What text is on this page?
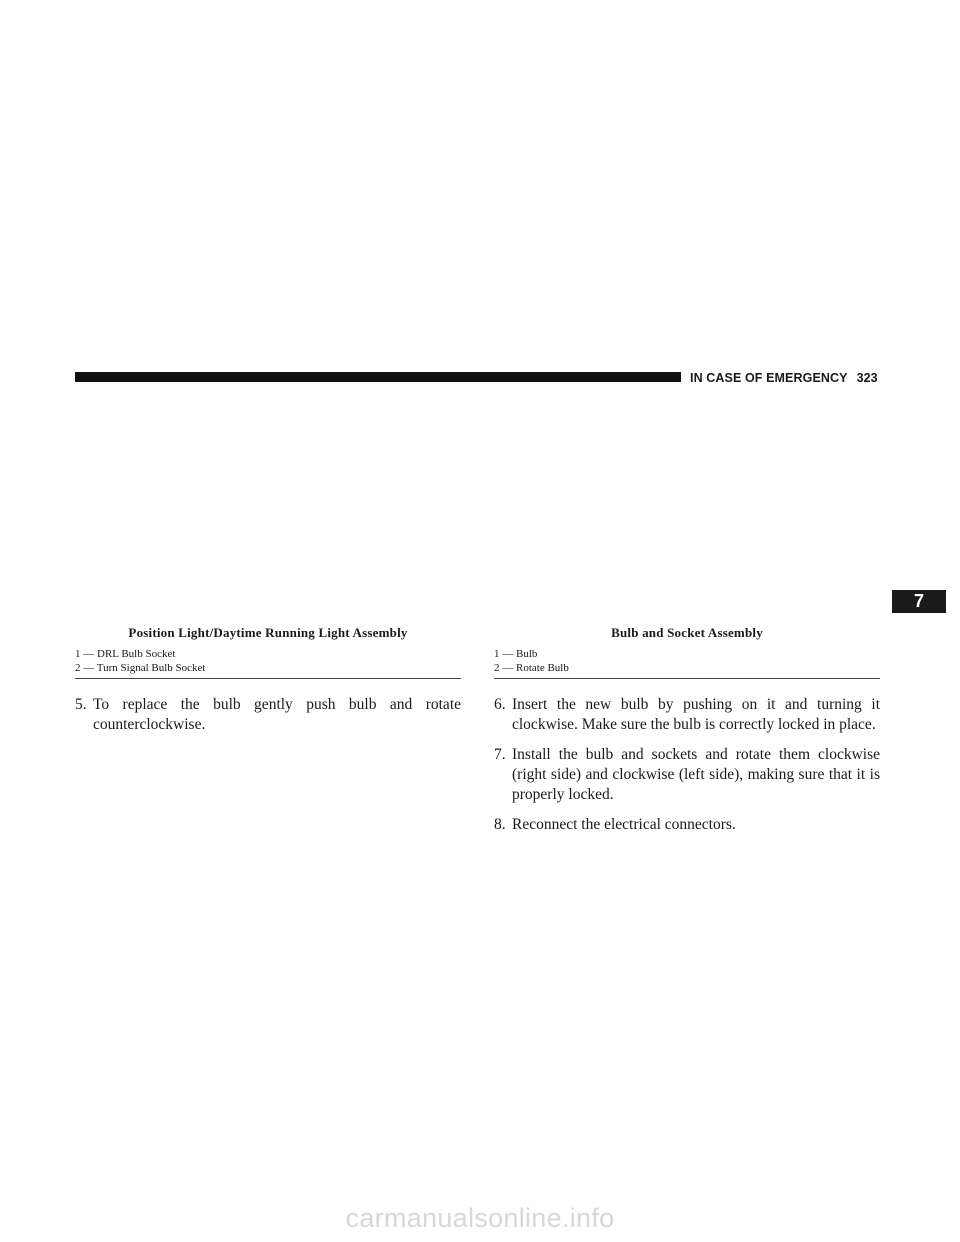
IN CASE OF EMERGENCY 323
7
Position Light/Daytime Running Light Assembly
1 — DRL Bulb Socket
2 — Turn Signal Bulb Socket
5. To replace the bulb gently push bulb and rotate counterclockwise.
Bulb and Socket Assembly
1 — Bulb
2 — Rotate Bulb
6. Insert the new bulb by pushing on it and turning it clockwise. Make sure the bulb is correctly locked in place.
7. Install the bulb and sockets and rotate them clockwise (right side) and clockwise (left side), making sure that it is properly locked.
8. Reconnect the electrical connectors.
carmanualsonline.info
